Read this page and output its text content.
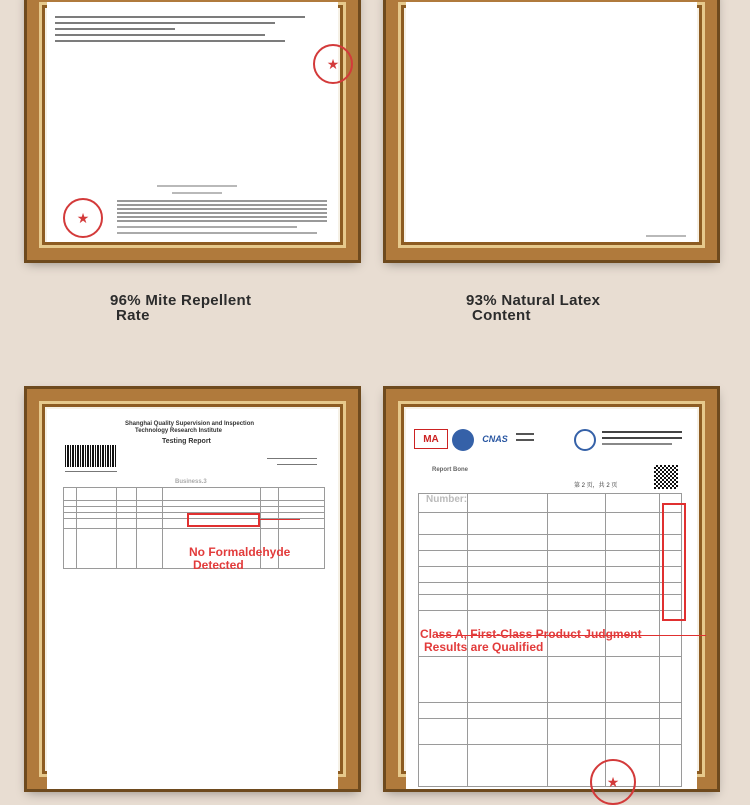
★
★
96% Mite Repellent
Rate
93% Natural Latex
Content
Shanghai Quality Supervision and Inspection
Technology Research Institute
Testing Report
Business.3
No Formaldehyde
Detected
MA	CNAS
Report Bone
Number:
第 2 页，共 2 页
★
Class A, First-Class Product Judgment
Results are Qualified
